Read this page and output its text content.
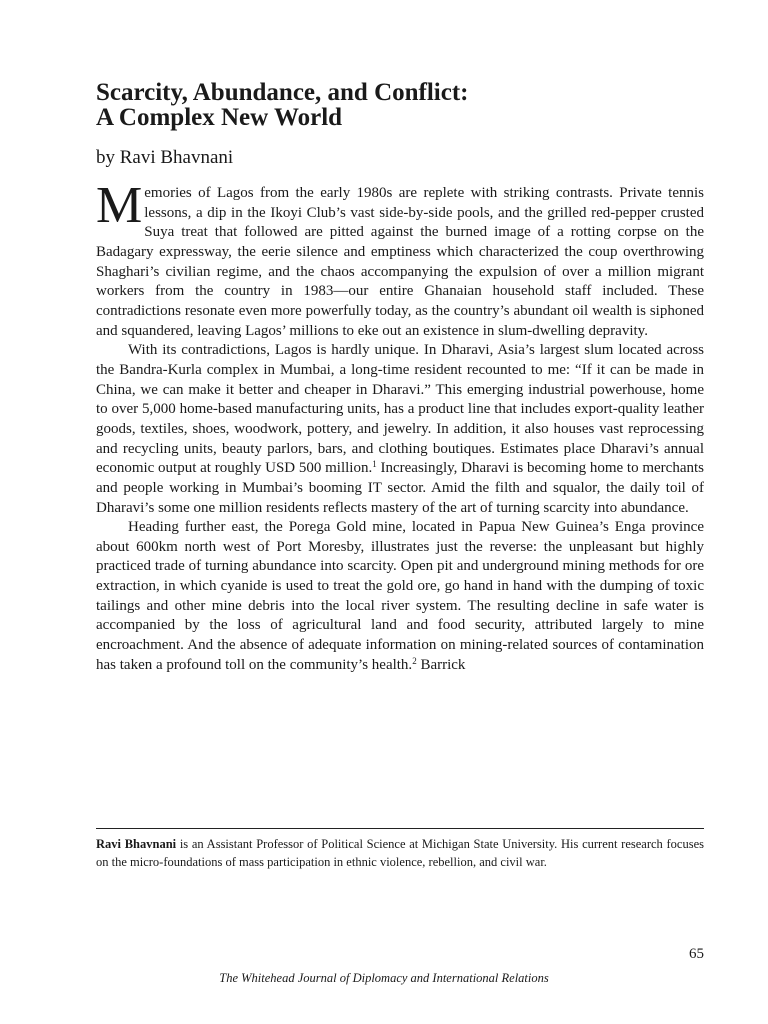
Scarcity, Abundance, and Conflict:
A Complex New World
by Ravi Bhavnani

Memories of Lagos from the early 1980s are replete with striking contrasts. Private tennis lessons, a dip in the Ikoyi Club’s vast side-by-side pools, and the grilled red-pepper crusted Suya treat that followed are pitted against the burned image of a rotting corpse on the Badagary expressway, the eerie silence and emptiness which characterized the coup overthrowing Shaghari’s civilian regime, and the chaos accompanying the expulsion of over a million migrant workers from the country in 1983—our entire Ghanaian household staff included. These contradictions resonate even more powerfully today, as the country’s abundant oil wealth is siphoned and squandered, leaving Lagos’ millions to eke out an existence in slum-dwelling depravity.

With its contradictions, Lagos is hardly unique. In Dharavi, Asia’s largest slum located across the Bandra-Kurla complex in Mumbai, a long-time resident recounted to me: “If it can be made in China, we can make it better and cheaper in Dharavi.” This emerging industrial powerhouse, home to over 5,000 home-based manufacturing units, has a product line that includes export-quality leather goods, textiles, shoes, woodwork, pottery, and jewelry. In addition, it also houses vast reprocessing and recycling units, beauty parlors, bars, and clothing boutiques. Estimates place Dharavi’s annual economic output at roughly USD 500 million.$^1$ Increasingly, Dharavi is becoming home to merchants and people working in Mumbai’s booming IT sector. Amid the filth and squalor, the daily toil of Dharavi’s some one million residents reflects mastery of the art of turning scarcity into abundance.

Heading further east, the Porega Gold mine, located in Papua New Guinea’s Enga province about 600km north west of Port Moresby, illustrates just the reverse: the unpleasant but highly practiced trade of turning abundance into scarcity. Open pit and underground mining methods for ore extraction, in which cyanide is used to treat the gold ore, go hand in hand with the dumping of toxic tailings and other mine debris into the local river system. The resulting decline in safe water is accompanied by the loss of agricultural land and food security, attributed largely to mine encroachment. And the absence of adequate information on mining-related sources of contamination has taken a profound toll on the community’s health.$^2$ Barrick

Ravi Bhavnani is an Assistant Professor of Political Science at Michigan State University. His current research focuses on the micro-foundations of mass participation in ethnic violence, rebellion, and civil war.

65
The Whitehead Journal of Diplomacy and International Relations
